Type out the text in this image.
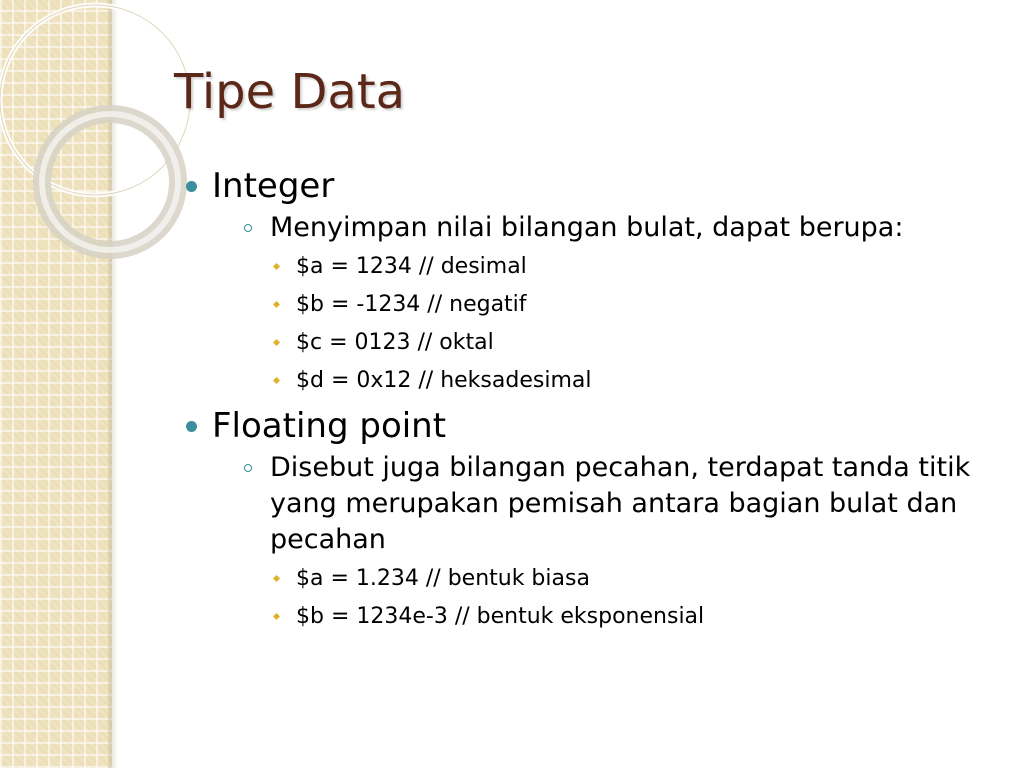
Tipe Data
Integer
Menyimpan nilai bilangan bulat, dapat berupa:
$a = 1234 // desimal
$b = -1234 // negatif
$c = 0123 // oktal
$d = 0x12 // heksadesimal
Floating point
Disebut juga bilangan pecahan, terdapat tanda titik yang merupakan pemisah antara bagian bulat dan pecahan
$a = 1.234 // bentuk biasa
$b = 1234e-3 // bentuk eksponensial
